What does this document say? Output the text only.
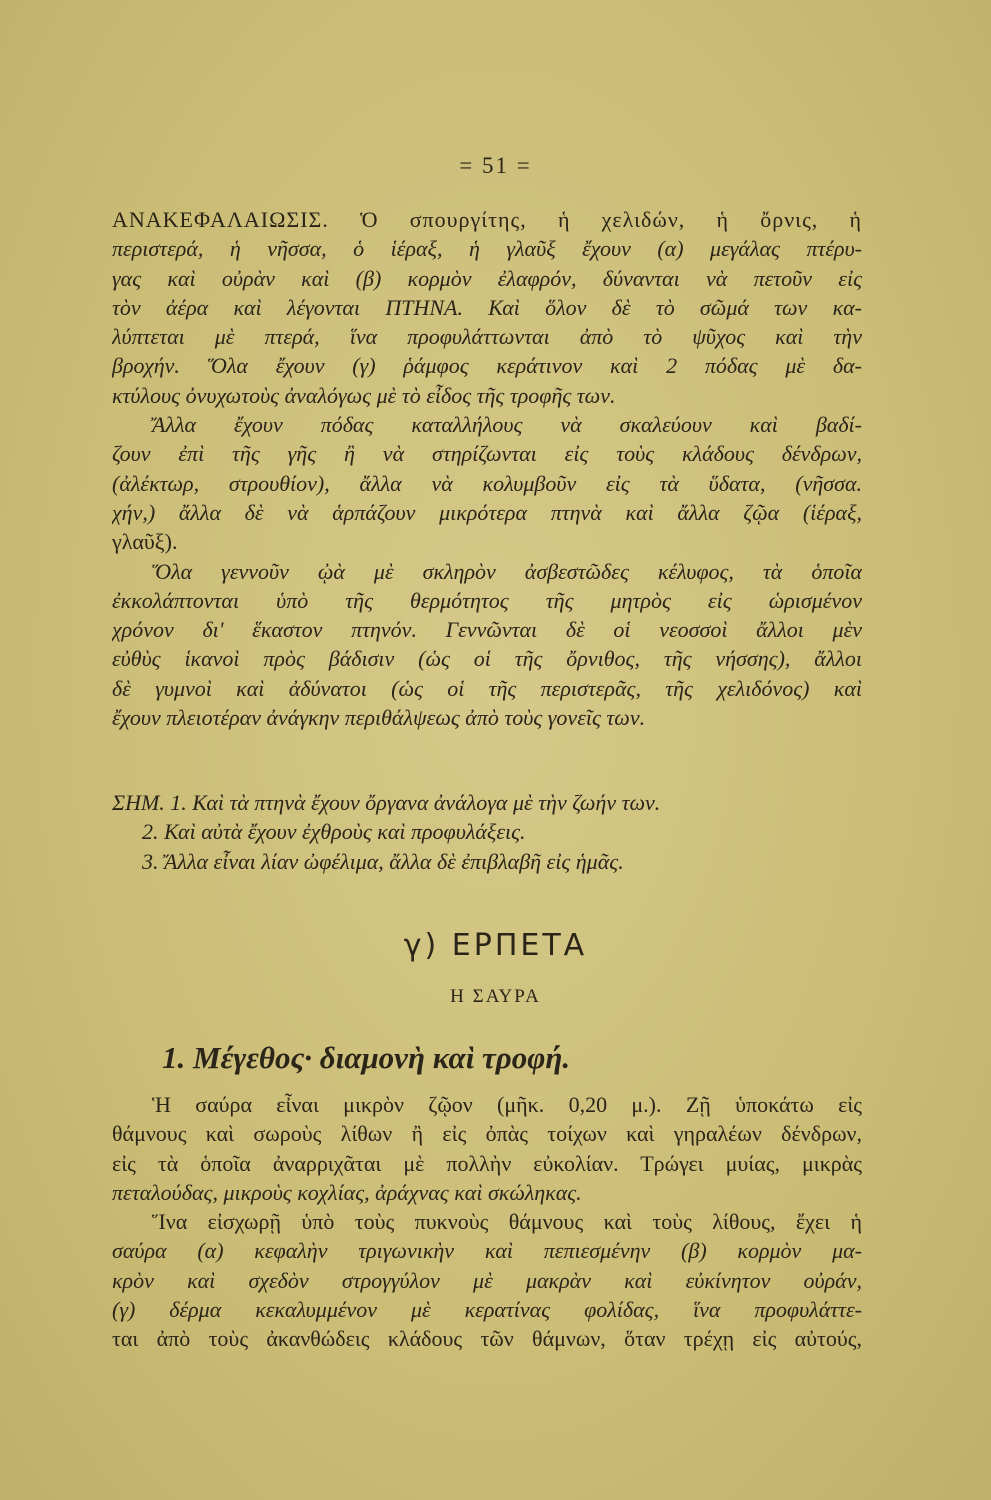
= 51 =
ΑΝΑΚΕΦΑΛΑΙΩΣΙΣ. Ὁ σπουργίτης, ἡ χελιδών, ἡ ὄρνις, ἡ
περιστερά, ἡ νῆσσα, ὁ ἱέραξ, ἡ γλαῦξ ἔχουν (α) μεγάλας πτέρυ-
γας καὶ οὐρὰν καὶ (β) κορμὸν ἐλαφρόν, δύνανται νὰ πετοῦν εἰς
τὸν ἀέρα καὶ λέγονται ΠΤΗΝΑ. Καὶ ὅλον δὲ τὸ σῶμά των κα-
λύπτεται μὲ πτερά, ἵνα προφυλάττωνται ἀπὸ τὸ ψῦχος καὶ τὴν
βροχήν. Ὅλα ἔχουν (γ) ῥάμφος κεράτινον καὶ 2 πόδας μὲ δα-
κτύλους ὀνυχωτοὺς ἀναλόγως μὲ τὸ εἶδος τῆς τροφῆς των.
Ἄλλα ἔχουν πόδας καταλλήλους νὰ σκαλεύουν καὶ βαδί-
ζουν ἐπὶ τῆς γῆς ἢ νὰ στηρίζωνται εἰς τοὺς κλάδους δένδρων,
(ἀλέκτωρ, στρουθίον), ἄλλα νὰ κολυμβοῦν εἰς τὰ ὕδατα, (νῆσσα.
χήν,) ἄλλα δὲ νὰ ἁρπάζουν μικρότερα πτηνὰ καὶ ἄλλα ζῷα (ἱέραξ,
γλαῦξ).
Ὅλα γεννοῦν ᾠὰ μὲ σκληρὸν ἀσβεστῶδες κέλυφος, τὰ ὁποῖα
ἐκκολάπτονται ὑπὸ τῆς θερμότητος τῆς μητρὸς εἰς ὡρισμένον
χρόνον δι' ἕκαστον πτηνόν. Γεννῶνται δὲ οἱ νεοσσοὶ ἄλλοι μὲν
εὐθὺς ἱκανοὶ πρὸς βάδισιν (ὡς οἱ τῆς ὄρνιθος, τῆς νήσσης), ἄλλοι
δὲ γυμνοὶ καὶ ἀδύνατοι (ὡς οἱ τῆς περιστερᾶς, τῆς χελιδόνος) καὶ
ἔχουν πλειοτέραν ἀνάγκην περιθάλψεως ἀπὸ τοὺς γονεῖς των.
ΣΗΜ. 1. Καὶ τὰ πτηνὰ ἔχουν ὄργανα ἀνάλογα μὲ τὴν ζωήν των.
2. Καὶ αὐτὰ ἔχουν ἐχθροὺς καὶ προφυλάξεις.
3. Ἄλλα εἶναι λίαν ὠφέλιμα, ἄλλα δὲ ἐπιβλαβῆ εἰς ἡμᾶς.
γ) ΕΡΠΕΤΑ
Η ΣΑΥΡΑ
1. Μέγεθος· διαμονὴ καὶ τροφή.
Ἡ σαύρα εἶναι μικρὸν ζῷον (μῆκ. 0,20 μ.). Ζῇ ὑποκάτω εἰς
θάμνους καὶ σωροὺς λίθων ἢ εἰς ὀπὰς τοίχων καὶ γηραλέων δένδρων,
εἰς τὰ ὁποῖα ἀναρριχᾶται μὲ πολλὴν εὐκολίαν. Τρώγει μυίας, μικρὰς
πεταλούδας, μικροὺς κοχλίας, ἀράχνας καὶ σκώληκας.
Ἵνα εἰσχωρῇ ὑπὸ τοὺς πυκνοὺς θάμνους καὶ τοὺς λίθους, ἔχει ἡ
σαύρα (α) κεφαλὴν τριγωνικὴν καὶ πεπιεσμένην (β) κορμὸν μα-
κρὸν καὶ σχεδὸν στρογγύλον μὲ μακρὰν καὶ εὐκίνητον οὐράν,
(γ) δέρμα κεκαλυμμένον μὲ κερατίνας φολίδας, ἵνα προφυλάττε-
ται ἀπὸ τοὺς ἀκανθώδεις κλάδους τῶν θάμνων, ὅταν τρέχῃ εἰς αὐτούς,
